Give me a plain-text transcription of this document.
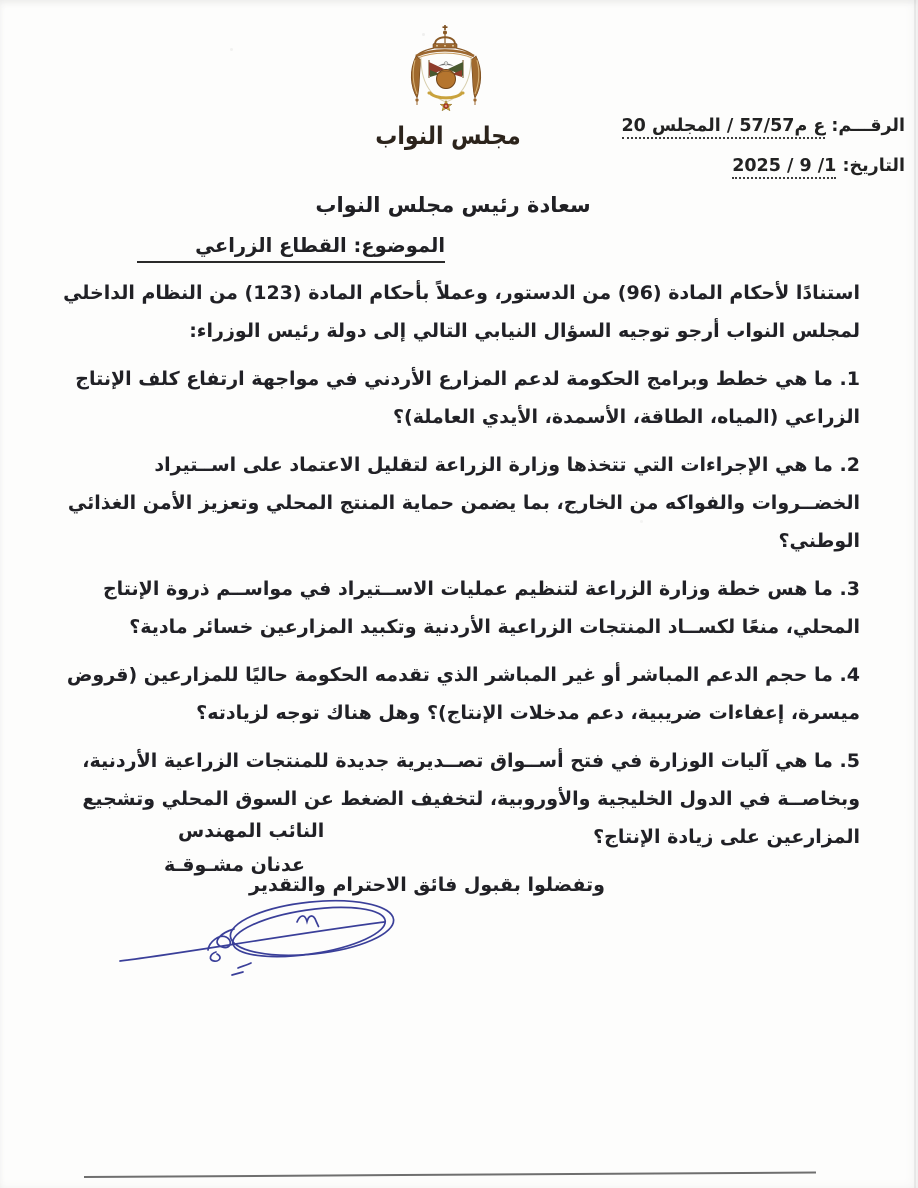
مجلس النواب	الرقـــم: ع م57/57 / المجلس 20
التاريخ: 1/ 9 / 2025
سعادة رئيس مجلس النواب
الموضوع: القطاع الزراعي

استنادًا لأحكام المادة (96) من الدستور، وعملاً بأحكام المادة (123) من النظام الداخلي لمجلس النواب أرجو توجيه السؤال النيابي التالي إلى دولة رئيس الوزراء:

1. ما هي خطط وبرامج الحكومة لدعم المزارع الأردني في مواجهة ارتفاع كلف الإنتاج الزراعي (المياه، الطاقة، الأسمدة، الأيدي العاملة)؟

2. ما هي الإجراءات التي تتخذها وزارة الزراعة لتقليل الاعتماد على اســتيراد الخضــروات والفواكه من الخارج، بما يضمن حماية المنتج المحلي وتعزيز الأمن الغذائي الوطني؟

3. ما هس خطة وزارة الزراعة لتنظيم عمليات الاســتيراد في مواســم ذروة الإنتاج المحلي، منعًا لكســاد المنتجات الزراعية الأردنية وتكبيد المزارعين خسائر مادية؟

4. ما حجم الدعم المباشر أو غير المباشر الذي تقدمه الحكومة حاليًا للمزارعين (قروض ميسرة، إعفاءات ضريبية، دعم مدخلات الإنتاج)؟ وهل هناك توجه لزيادته؟

5. ما هي آليات الوزارة في فتح أســواق تصــديرية جديدة للمنتجات الزراعية الأردنية، وبخاصــة في الدول الخليجية والأوروبية، لتخفيف الضغط عن السوق المحلي وتشجيع المزارعين على زيادة الإنتاج؟

وتفضلوا بقبول فائق الاحترام والتقدير

النائب المهندس
عدنان مشـوقـة
